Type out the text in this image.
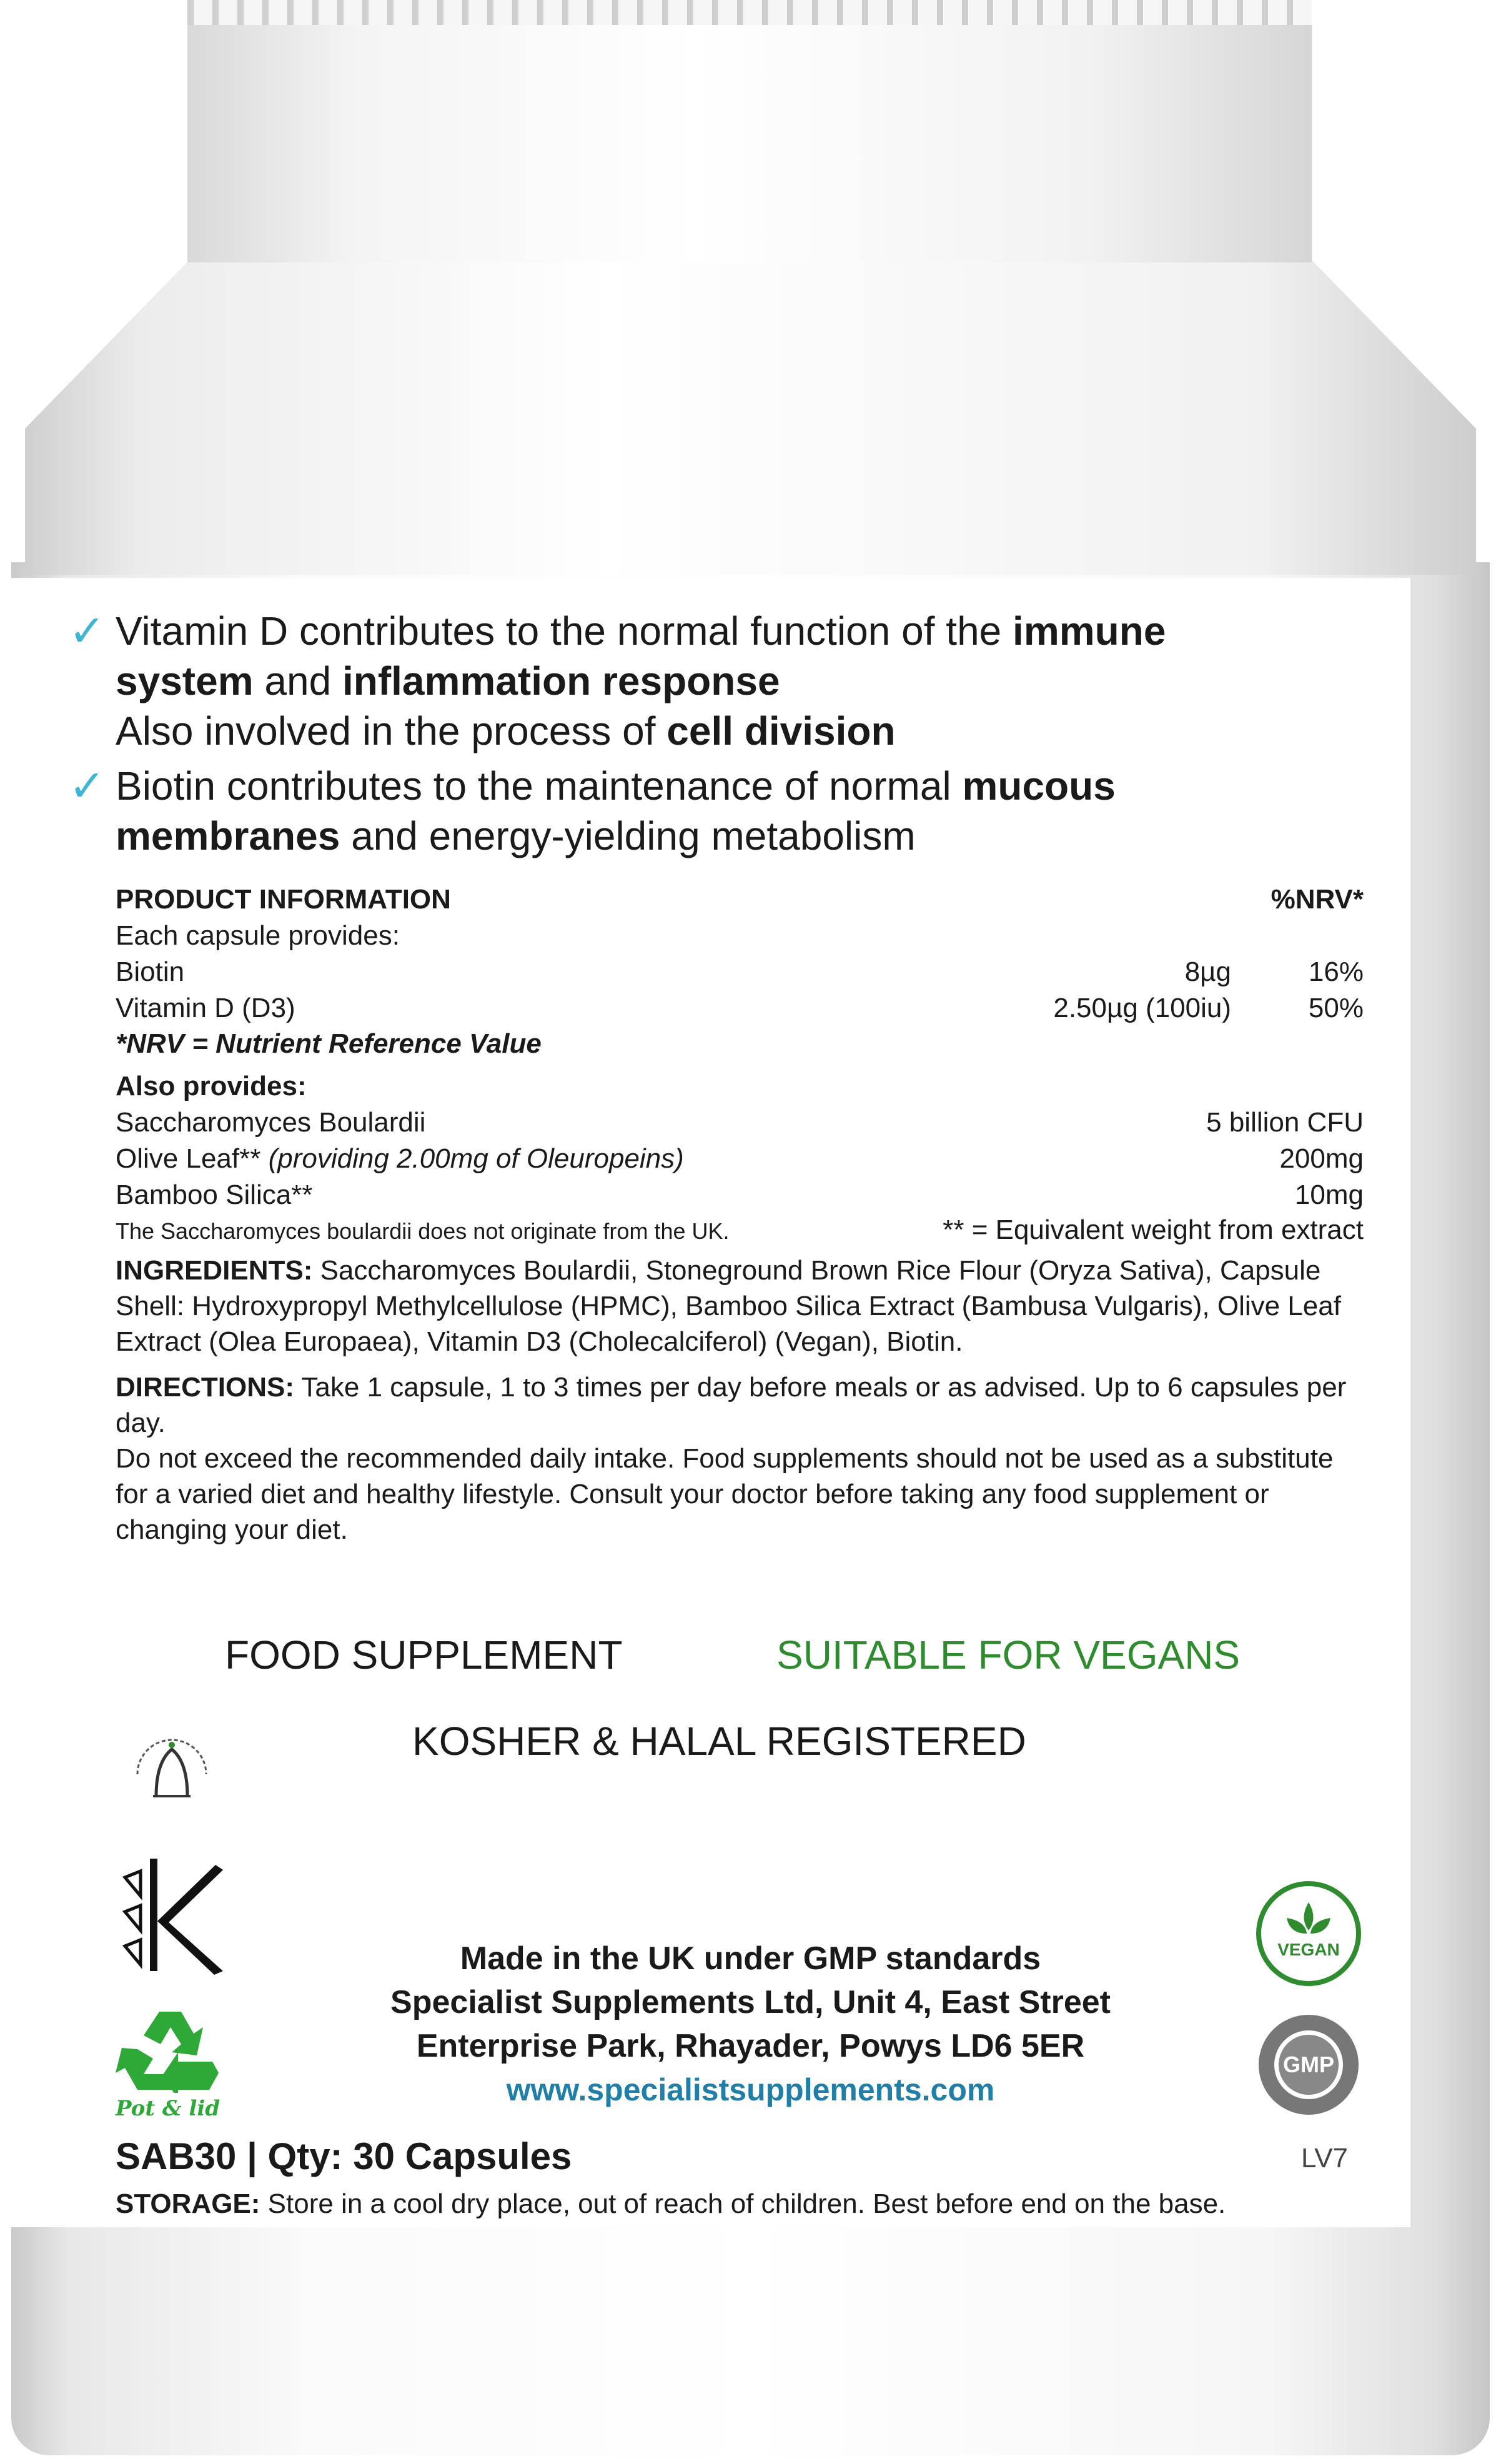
✓ Vitamin D contributes to the normal function of the immune
system and inflammation response
Also involved in the process of cell division
✓ Biotin contributes to the maintenance of normal mucous
membranes and energy-yielding metabolism
PRODUCT INFORMATION	%NRV*
Each capsule provides:
Biotin	8µg	16%
Vitamin D (D3)	2.50µg (100iu)	50%
*NRV = Nutrient Reference Value
Also provides:
Saccharomyces Boulardii	5 billion CFU
Olive Leaf** (providing 2.00mg of Oleuropeins)	200mg
Bamboo Silica**	10mg
The Saccharomyces boulardii does not originate from the UK.	** = Equivalent weight from extract
INGREDIENTS: Saccharomyces Boulardii, Stoneground Brown Rice Flour (Oryza Sativa), Capsule Shell: Hydroxypropyl Methylcellulose (HPMC), Bamboo Silica Extract (Bambusa Vulgaris), Olive Leaf Extract (Olea Europaea), Vitamin D3 (Cholecalciferol) (Vegan), Biotin.
DIRECTIONS: Take 1 capsule, 1 to 3 times per day before meals or as advised. Up to 6 capsules per day.
Do not exceed the recommended daily intake. Food supplements should not be used as a substitute for a varied diet and healthy lifestyle. Consult your doctor before taking any food supplement or changing your diet.
FOOD SUPPLEMENT	SUITABLE FOR VEGANS
KOSHER & HALAL REGISTERED
Pot & lid
VEGAN
GMP
Made in the UK under GMP standards
Specialist Supplements Ltd, Unit 4, East Street
Enterprise Park, Rhayader, Powys LD6 5ER
www.specialistsupplements.com
SAB30 | Qty: 30 Capsules	LV7
STORAGE: Store in a cool dry place, out of reach of children. Best before end on the base.
